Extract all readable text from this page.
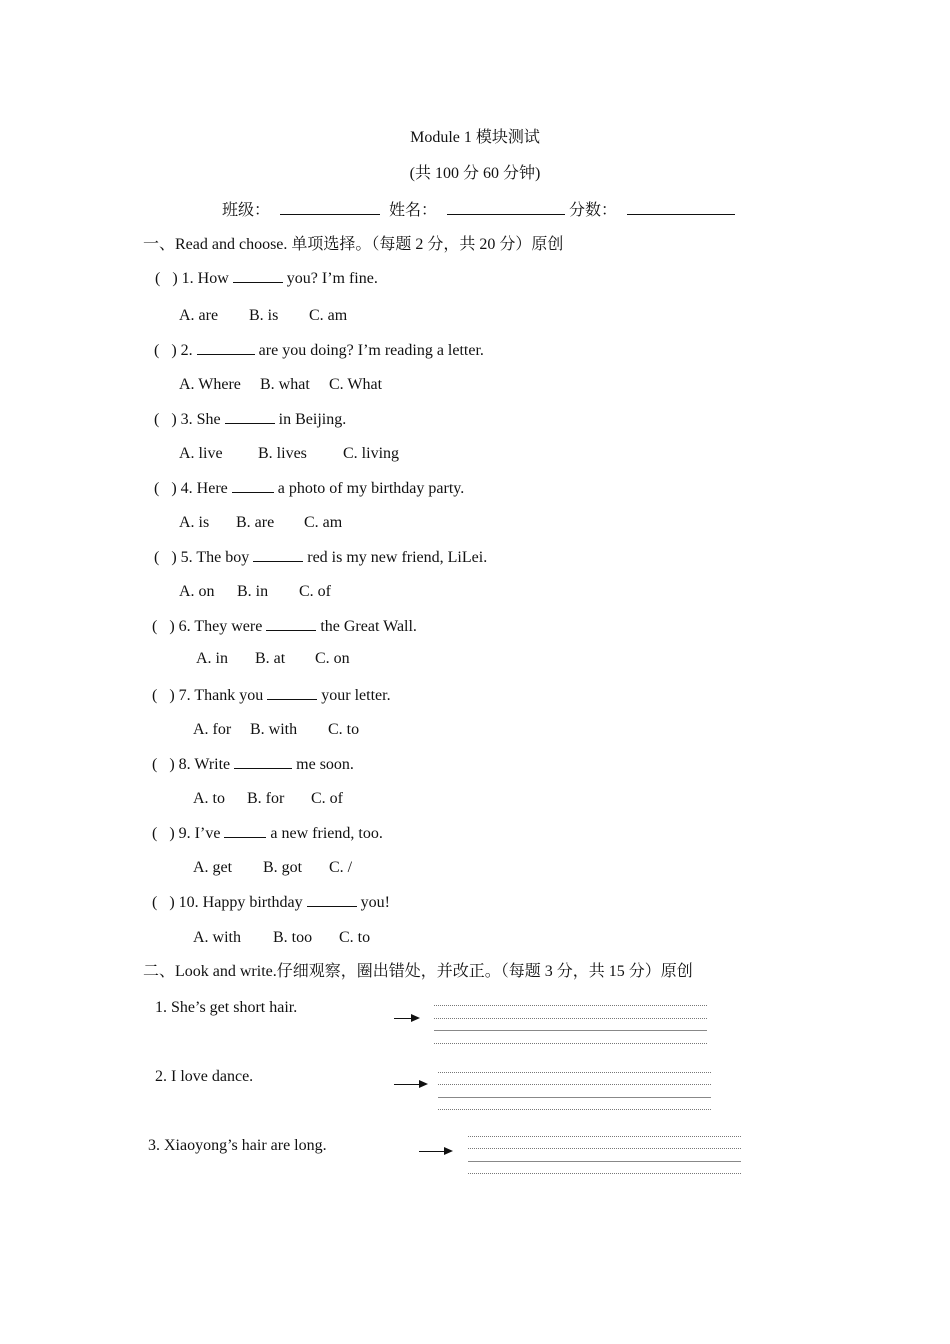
Module 1 模块测试
(共 100 分 60 分钟)
班级：	姓名：	分数：
一、Read and choose. 单项选择。（每题 2 分，共 20 分）原创
( ) 1. How	you? I’m fine.
A. are B. is C. am
( ) 2.	are you doing? I’m reading a letter.
A. Where B. what C. What
( ) 3. She	in Beijing.
A. live B. lives C. living
( ) 4. Here	a photo of my birthday party.
A. is B. are C. am
( ) 5. The boy	red is my new friend, LiLei.
A. on B. in C. of
( ) 6. They were	the Great Wall.
A. in B. at C. on
( ) 7. Thank you	your letter.
A. for B. with C. to
( ) 8. Write	me soon.
A. to B. for C. of
( ) 9. I’ve	a new friend, too.
A. get B. got C. /
( ) 10. Happy birthday	you!
A. with B. too C. to
二、Look and write.仔细观察，圈出错处，并改正。（每题 3 分，共 15 分）原创
1. She’s get short hair.
2. I love dance.
3. Xiaoyong’s hair are long.
